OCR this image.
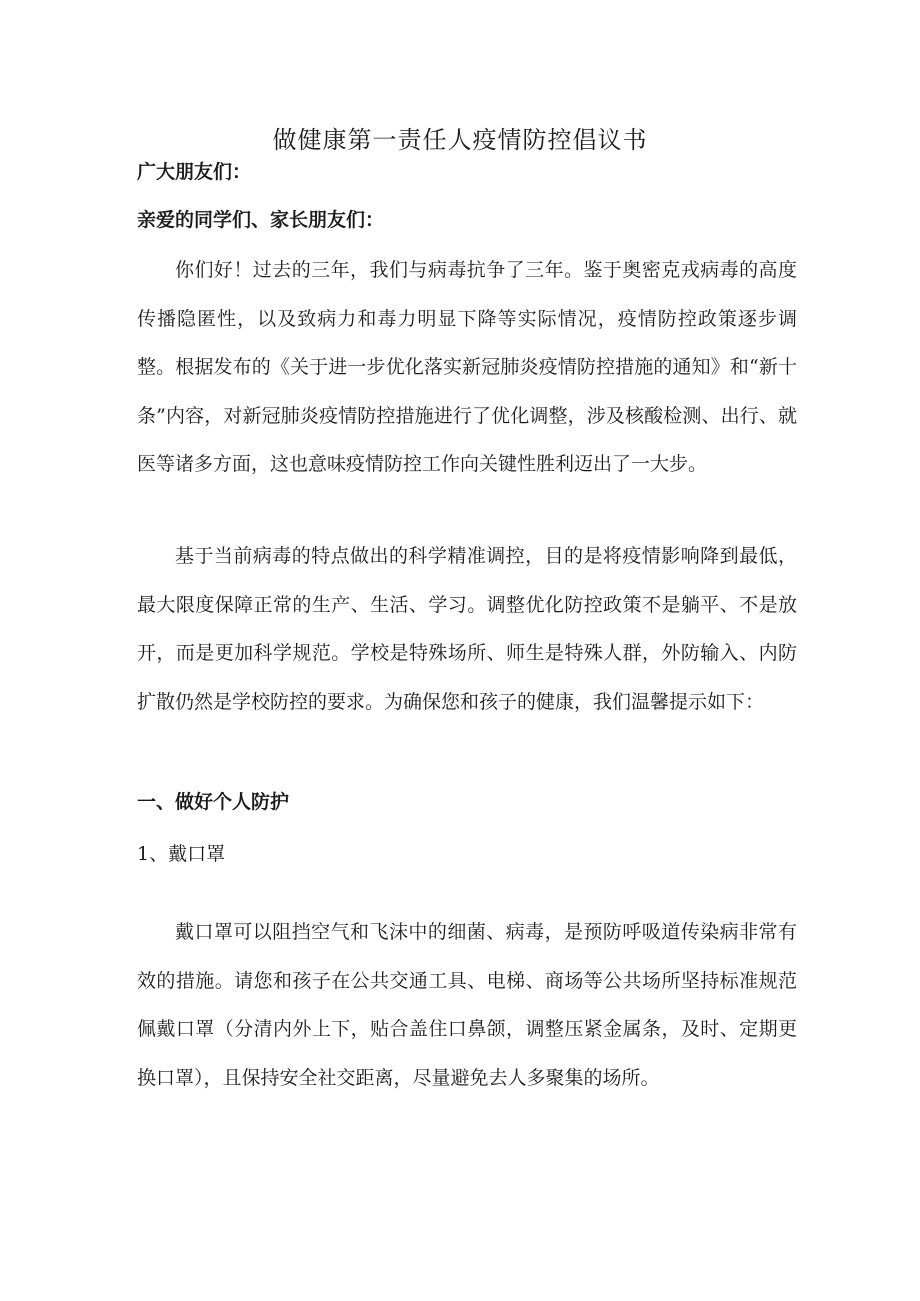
做健康第一责任人疫情防控倡议书
广大朋友们：
亲爱的同学们、家长朋友们：

你们好！过去的三年，我们与病毒抗争了三年。鉴于奥密克戎病毒的高度传播隐匿性，以及致病力和毒力明显下降等实际情况，疫情防控政策逐步调整。根据发布的《关于进一步优化落实新冠肺炎疫情防控措施的通知》和“新十条”内容，对新冠肺炎疫情防控措施进行了优化调整，涉及核酸检测、出行、就医等诸多方面，这也意味疫情防控工作向关键性胜利迈出了一大步。

基于当前病毒的特点做出的科学精准调控，目的是将疫情影响降到最低，最大限度保障正常的生产、生活、学习。调整优化防控政策不是躺平、不是放开，而是更加科学规范。学校是特殊场所、师生是特殊人群，外防输入、内防扩散仍然是学校防控的要求。为确保您和孩子的健康，我们温馨提示如下：

一、做好个人防护
1、戴口罩

戴口罩可以阻挡空气和飞沫中的细菌、病毒，是预防呼吸道传染病非常有效的措施。请您和孩子在公共交通工具、电梯、商场等公共场所坚持标准规范佩戴口罩（分清内外上下，贴合盖住口鼻颌，调整压紧金属条，及时、定期更换口罩），且保持安全社交距离，尽量避免去人多聚集的场所。
